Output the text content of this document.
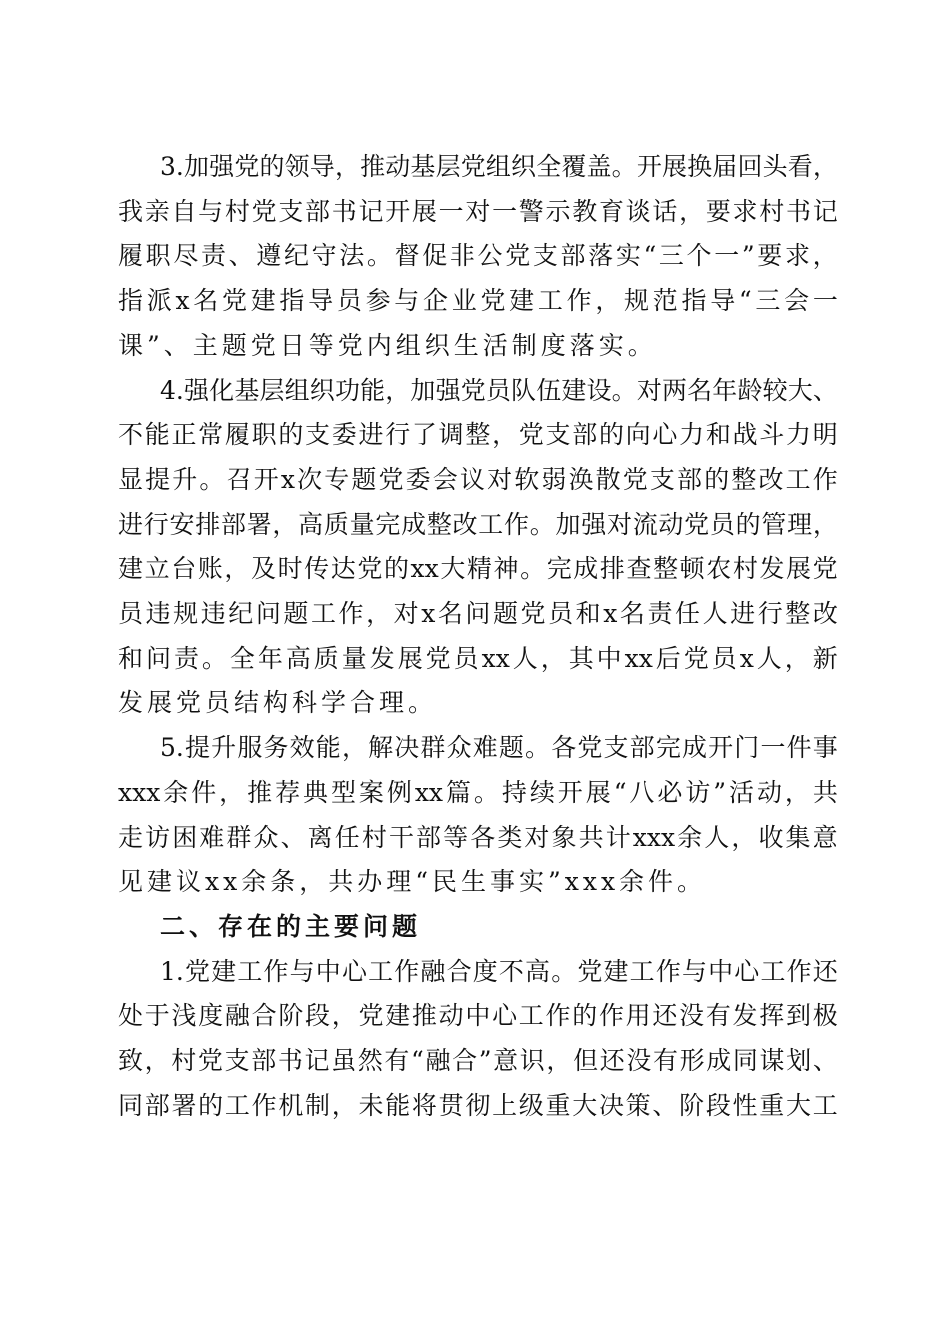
3. 加 强 党 的 领 导 ， 推 动 基 层 党 组 织 全 覆 盖 。 开 展 换 届 回 头 看 ，
我 亲 自 与 村 党 支 部 书 记 开 展 一 对 一 警 示 教 育 谈 话 ， 要 求 村 书 记
履 职 尽 责 、 遵 纪 守 法 。 督 促 非 公 党 支 部 落 实 “ 三 个 一 ” 要 求 ，
指 派 x 名 党 建 指 导 员 参 与 企 业 党 建 工 作 ， 规 范 指 导 “ 三 会 一
课”、主题党日等党内组织生活制度落实。
4. 强 化 基 层 组 织 功 能 ， 加 强 党 员 队 伍 建 设 。 对 两 名 年 龄 较 大 、
不 能 正 常 履 职 的 支 委 进 行 了 调 整 ， 党 支 部 的 向 心 力 和 战 斗 力 明
显 提 升 。 召 开 x 次 专 题 党 委 会 议 对 软 弱 涣 散 党 支 部 的 整 改 工 作
进 行 安 排 部 署 ， 高 质 量 完 成 整 改 工 作 。 加 强 对 流 动 党 员 的 管 理 ，
建 立 台 账 ， 及 时 传 达 党 的 xx 大 精 神 。 完 成 排 查 整 顿 农 村 发 展 党
员 违 规 违 纪 问 题 工 作 ， 对 x 名 问 题 党 员 和 x 名 责 任 人 进 行 整 改
和 问 责 。 全 年 高 质 量 发 展 党 员 xx 人 ， 其 中 xx 后 党 员 x 人 ， 新
发展党员结构科学合理。
5. 提 升 服 务 效 能 ， 解 决 群 众 难 题 。 各 党 支 部 完 成 开 门 一 件 事
xxx 余 件 ， 推 荐 典 型 案 例 xx 篇 。 持 续 开 展 “ 八 必 访 ” 活 动 ， 共
走 访 困 难 群 众 、 离 任 村 干 部 等 各 类 对 象 共 计 xxx 余 人 ， 收 集 意
见建议xx余条，共办理“民生事实”xxx余件。
二、存在的主要问题
1. 党 建 工 作 与 中 心 工 作 融 合 度 不 高 。 党 建 工 作 与 中 心 工 作 还
处 于 浅 度 融 合 阶 段 ， 党 建 推 动 中 心 工 作 的 作 用 还 没 有 发 挥 到 极
致 ， 村 党 支 部 书 记 虽 然 有 “ 融 合 ” 意 识 ， 但 还 没 有 形 成 同 谋 划 、
同 部 署 的 工 作 机 制 ， 未 能 将 贯 彻 上 级 重 大 决 策 、 阶 段 性 重 大 工
